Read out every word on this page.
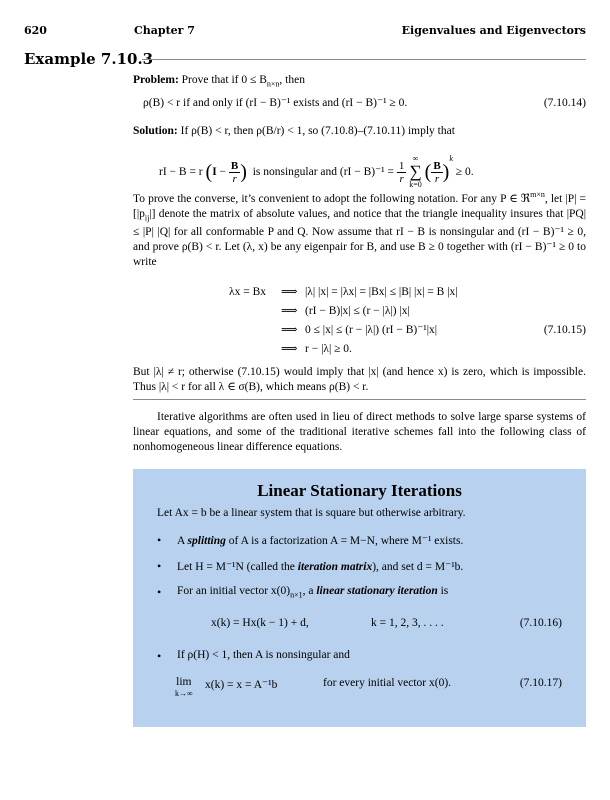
620	Chapter 7	Eigenvalues and Eigenvectors
Example 7.10.3
Problem: Prove that if $0 \le B_{n\times n}$, then
ρ(B) < r if and only if (rI − B)⁻¹ exists and (rI − B)⁻¹ ≥ 0.	(7.10.14)
Solution: If ρ(B) < r, then ρ(B/r) < 1, so (7.10.8)–(7.10.11) imply that
rI − B = r ($I - \frac{B}{r}$ ) is nonsingular and $(rI - B)^{-1} = \frac{1}{r}$

∞
∑
k=0
( $\frac{B}{r} )^k \ge 0$.
To prove the converse, it’s convenient to adopt the following notation. For any P ∈ ℜ$^{m\times n}$, let $|P| = [|p_{ij}|]$ denote the matrix of absolute values, and notice that the triangle inequality insures that |PQ| ≤ |P| |Q| for all conformable P and Q. Now assume that rI − B is nonsingular and (rI − B)⁻¹ ≥ 0, and prove ρ(B) < r. Let (λ, x) be any eigenpair for B, and use B ≥ 0 together with (rI − B)⁻¹ ≥ 0 to write
λx = Bx ⟹ |λ| |x| = |λx| = |Bx| ≤ |B| |x| = B |x|
⟹ (rI − B)|x| ≤ (r − |λ|) |x|
⟹ 0 ≤ |x| ≤ (r − |λ|) (rI − B)⁻¹|x|	(7.10.15)
⟹ r − |λ| ≥ 0.
But |λ| ≠ r; otherwise (7.10.15) would imply that |x| (and hence x) is zero, which is impossible. Thus |λ| < r for all λ ∈ σ(B), which means ρ(B) < r.
Iterative algorithms are often used in lieu of direct methods to solve large sparse systems of linear equations, and some of the traditional iterative schemes fall into the following class of nonhomogeneous linear difference equations.
Linear Stationary Iterations
Let Ax = b be a linear system that is square but otherwise arbitrary.
• A splitting of A is a factorization A = M−N, where M⁻¹ exists.
• Let H = M⁻¹N (called the iteration matrix), and set d = M⁻¹b.
• For an initial vector $x(0)_{n\times 1}$, a linear stationary iteration is
x(k) = Hx(k − 1) + d,	k = 1, 2, 3, . . . .	(7.10.16)
• If ρ(H) < 1, then A is nonsingular and
lim
k→∞
x(k) = x = A⁻¹b	for every initial vector x(0).	(7.10.17)
